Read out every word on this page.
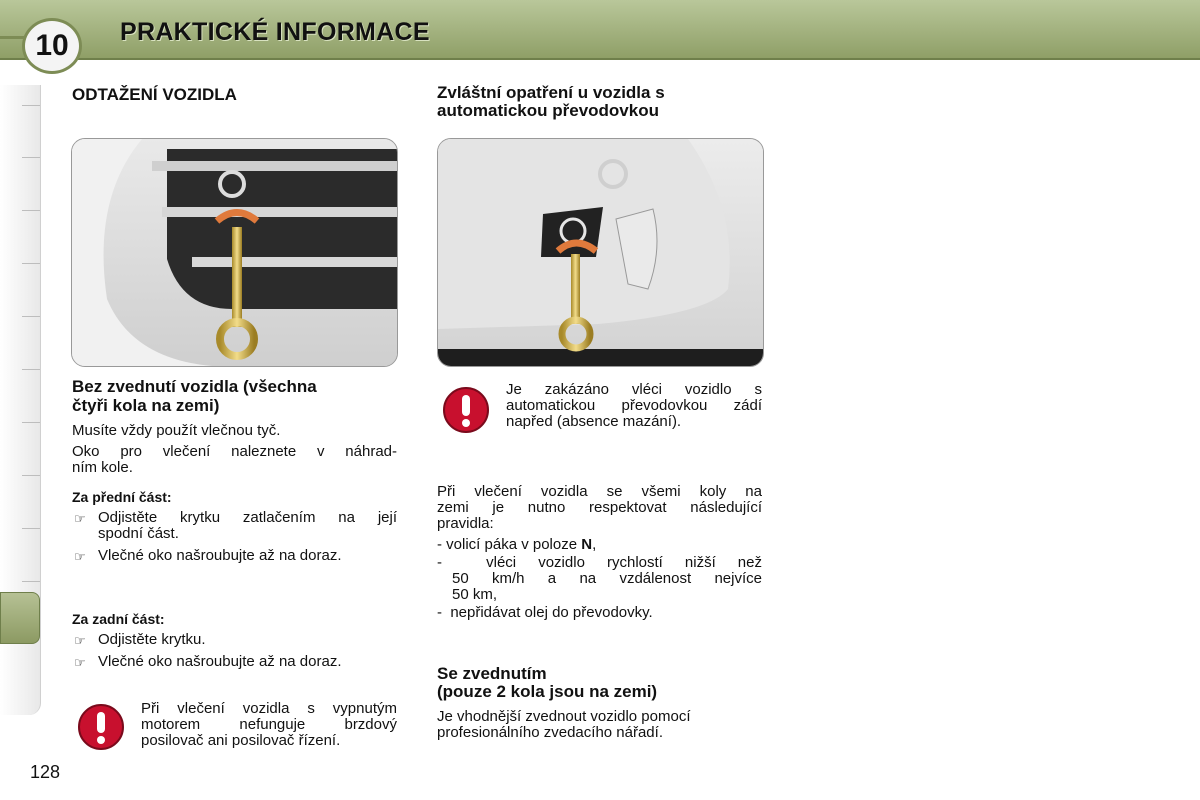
PRAKTICKÉ INFORMACE
10
ODTAŽENÍ VOZIDLA
Bez zvednutí vozidla (všechna
čtyři kola na zemi)
Musíte vždy použít vlečnou tyč.
Oko pro vlečení naleznete v náhrad-
ním kole.
Za přední část:
☞ Odjistěte krytku zatlačením na její
spodní část.
☞ Vlečné oko našroubujte až na doraz.
Za zadní část:
☞ Odjistěte krytku.
☞ Vlečné oko našroubujte až na doraz.
Při vlečení vozidla s vypnutým
motorem nefunguje brzdový
posilovač ani posilovač řízení.
Zvláštní opatření u vozidla s
automatickou převodovkou
Je zakázáno vléci vozidlo s
automatickou převodovkou zádí
napřed (absence mazání).
Při vlečení vozidla se všemi koly na
zemi je nutno respektovat následující
pravidla:
- volicí páka v poloze N,
-  vléci vozidlo rychlostí nižší než
50 km/h a na vzdálenost nejvíce
50 km,
-  nepřidávat olej do převodovky.
Se zvednutím
(pouze 2 kola jsou na zemi)
Je vhodnější zvednout vozidlo pomocí
profesionálního zvedacího nářadí.
128
